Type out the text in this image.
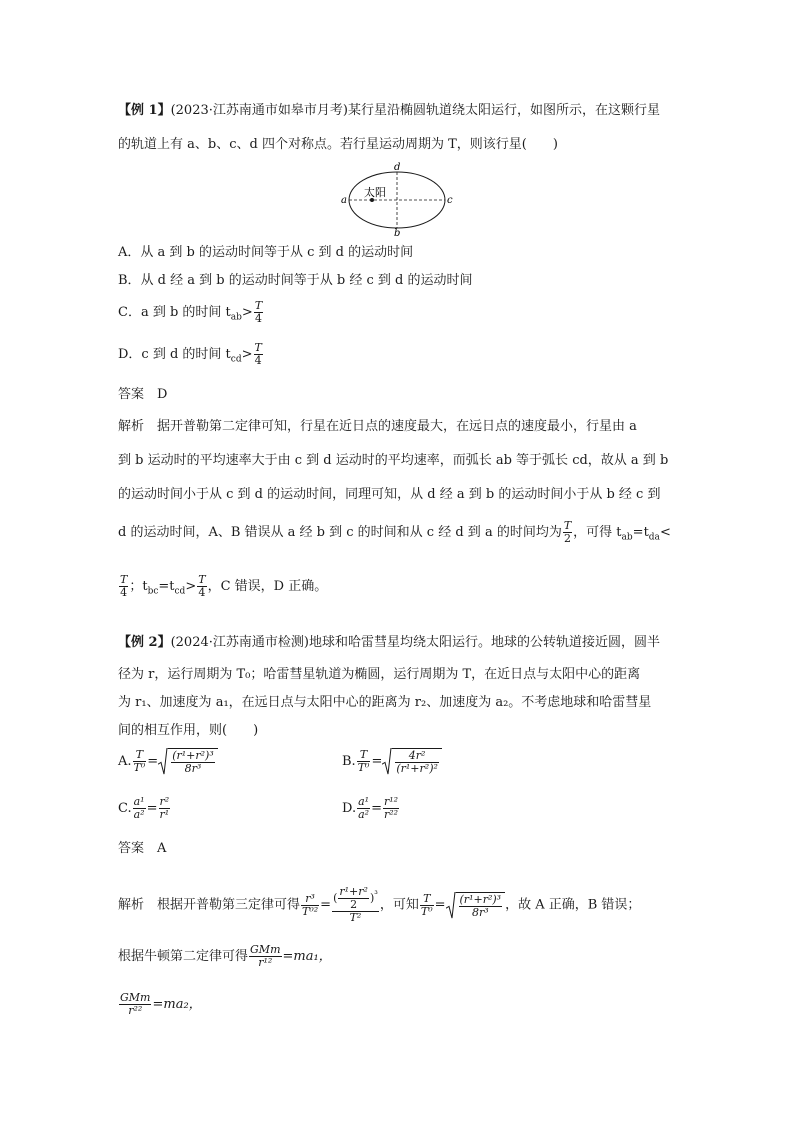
【例 1】(2023·江苏南通市如皋市月考)某行星沿椭圆轨道绕太阳运行，如图所示，在这颗行星
的轨道上有 a、b、c、d 四个对称点。若行星运动周期为 T，则该行星(　　)
太阳
a
b
c
d
A．从 a 到 b 的运动时间等于从 c 到 d 的运动时间
B．从 d 经 a 到 b 的运动时间等于从 b 经 c 到 d 的运动时间
C．a 到 b 的时间 $t_{ab}> \frac{T}{4}$
D．c 到 d 的时间 $t_{cd}> \frac{T}{4}$
答案　D
解析　据开普勒第二定律可知，行星在近日点的速度最大，在远日点的速度最小，行星由 a
到 b 运动时的平均速率大于由 c 到 d 运动时的平均速率，而弧长 ab 等于弧长 cd，故从 a 到 b
的运动时间小于从 c 到 d 的运动时间，同理可知，从 d 经 a 到 b 的运动时间小于从 b 经 c 到
d 的运动时间，A、B 错误从 a 经 b 到 c 的时间和从 c 经 d 到 a 的时间均为 $\frac{T}{2}$ ，可得 $t_{ab}=t_{da}<$
$\frac{T}{4}$ ；$t_{bc}=t_{cd}> \frac{T}{4}$ ，C 错误，D 正确。
【例 2】(2024·江苏南通市检测)地球和哈雷彗星均绕太阳运行。地球的公转轨道接近圆，圆半
径为 r，运行周期为 T₀；哈雷彗星轨道为椭圆，运行周期为 T，在近日点与太阳中心的距离
为 r₁、加速度为 a₁，在远日点与太阳中心的距离为 r₂、加速度为 a₂。不考虑地球和哈雷彗星
间的相互作用，则(　　)
A. $\frac{T}{\text{T⁰}} = \frac{\text{(r¹+r²)³}}{\text{8r³}}$	B. $\frac{T}{\text{T⁰}} = \frac{\text{4r²}}{\text{(r¹+r²)²}}$
C. $\frac{\text{a¹}}{\text{a²}} = \frac{\text{r²}}{\text{r¹}}$	D. $\frac{\text{a¹}}{\text{a²}} = \frac{\text{r¹²}}{\text{r²²}}$
答案　A
解析　根据开普勒第三定律可得 $\frac{\text{r³}}{\text{T⁰²}} = \frac{( \frac{\text{r¹+r²}}{2} )^{^3}}{\text{T²}}$ ，可知 $\frac{T}{\text{T⁰}} = \frac{\text{(r¹+r²)³}}{\text{8r³}}$ ，故 A 正确，B 错误；
根据牛顿第二定律可得 $\frac{\text{GMm}}{\text{r¹²}} =ma_1$，
$\frac{\text{GMm}}{\text{r²²}} =ma_2$，
